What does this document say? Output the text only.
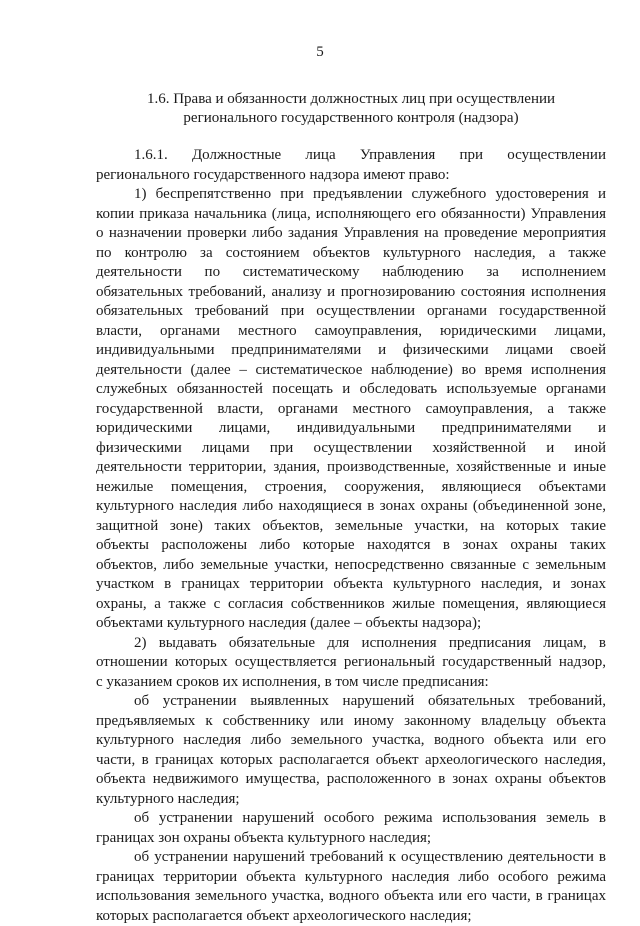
5
1.6. Права и обязанности должностных лиц при осуществлении
регионального государственного контроля (надзора)
1.6.1. Должностные лица Управления при осуществлении
регионального государственного надзора имеют право:
1) беспрепятственно при предъявлении служебного удостоверения и
копии приказа начальника (лица, исполняющего его обязанности) Управления
о назначении проверки либо задания Управления на проведение мероприятия
по контролю за состоянием объектов культурного наследия, а также
деятельности по систематическому наблюдению за исполнением
обязательных требований, анализу и прогнозированию состояния исполнения
обязательных требований при осуществлении органами государственной
власти, органами местного самоуправления, юридическими лицами,
индивидуальными предпринимателями и физическими лицами своей
деятельности (далее – систематическое наблюдение) во время исполнения
служебных обязанностей посещать и обследовать используемые органами
государственной власти, органами местного самоуправления, а также
юридическими лицами, индивидуальными предпринимателями и
физическими лицами при осуществлении хозяйственной и иной
деятельности территории, здания, производственные, хозяйственные и иные
нежилые помещения, строения, сооружения, являющиеся объектами
культурного наследия либо находящиеся в зонах охраны (объединенной зоне,
защитной зоне) таких объектов, земельные участки, на которых такие
объекты расположены либо которые находятся в зонах охраны таких
объектов, либо земельные участки, непосредственно связанные с земельным
участком в границах территории объекта культурного наследия, и зонах
охраны, а также с согласия собственников жилые помещения, являющиеся
объектами культурного наследия (далее – объекты надзора);
2) выдавать обязательные для исполнения предписания лицам, в
отношении которых осуществляется региональный государственный надзор,
с указанием сроков их исполнения, в том числе предписания:
об устранении выявленных нарушений обязательных требований,
предъявляемых к собственнику или иному законному владельцу объекта
культурного наследия либо земельного участка, водного объекта или его
части, в границах которых располагается объект археологического наследия,
объекта недвижимого имущества, расположенного в зонах охраны объектов
культурного наследия;
об устранении нарушений особого режима использования земель в
границах зон охраны объекта культурного наследия;
об устранении нарушений требований к осуществлению деятельности в
границах территории объекта культурного наследия либо особого режима
использования земельного участка, водного объекта или его части, в границах
которых располагается объект археологического наследия;
